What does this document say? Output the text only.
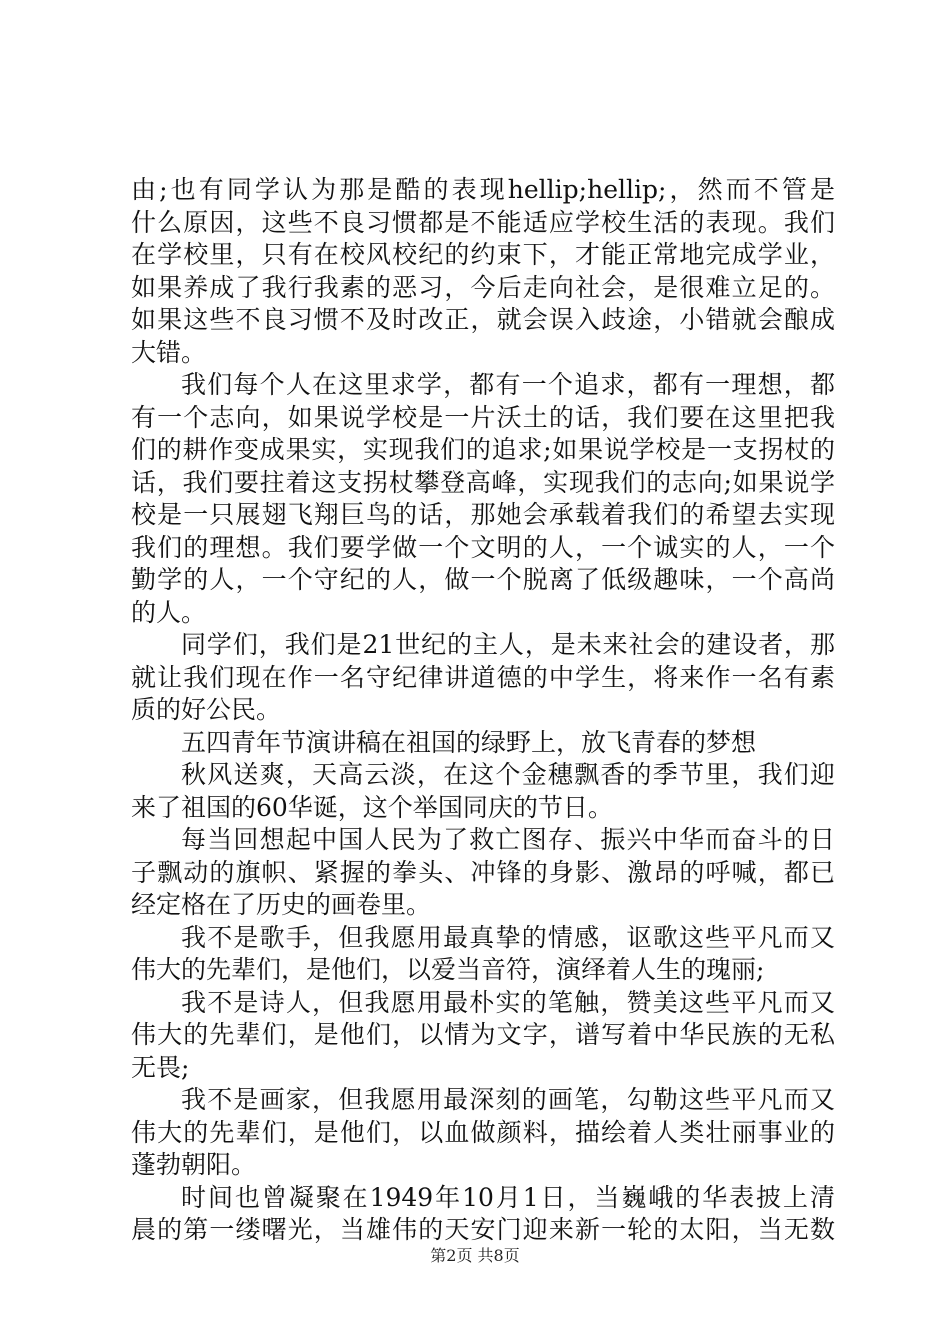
由;也有同学认为那是酷的表现hellip;hellip;，然而不管是
什么原因，这些不良习惯都是不能适应学校生活的表现。我们
在学校里，只有在校风校纪的约束下，才能正常地完成学业，
如果养成了我行我素的恶习，今后走向社会，是很难立足的。
如果这些不良习惯不及时改正，就会误入歧途，小错就会酿成
大错。
我们每个人在这里求学，都有一个追求，都有一理想，都
有一个志向，如果说学校是一片沃土的话，我们要在这里把我
们的耕作变成果实，实现我们的追求;如果说学校是一支拐杖的
话，我们要拄着这支拐杖攀登高峰，实现我们的志向;如果说学
校是一只展翅飞翔巨鸟的话，那她会承载着我们的希望去实现
我们的理想。我们要学做一个文明的人，一个诚实的人，一个
勤学的人，一个守纪的人，做一个脱离了低级趣味，一个高尚
的人。
同学们，我们是21世纪的主人，是未来社会的建设者，那
就让我们现在作一名守纪律讲道德的中学生，将来作一名有素
质的好公民。
五四青年节演讲稿在祖国的绿野上，放飞青春的梦想
秋风送爽，天高云淡，在这个金穗飘香的季节里，我们迎
来了祖国的60华诞，这个举国同庆的节日。
每当回想起中国人民为了救亡图存、振兴中华而奋斗的日
子飘动的旗帜、紧握的拳头、冲锋的身影、激昂的呼喊，都已
经定格在了历史的画卷里。
我不是歌手，但我愿用最真挚的情感，讴歌这些平凡而又
伟大的先辈们，是他们，以爱当音符，演绎着人生的瑰丽;
我不是诗人，但我愿用最朴实的笔触，赞美这些平凡而又
伟大的先辈们，是他们，以情为文字，谱写着中华民族的无私
无畏;
我不是画家，但我愿用最深刻的画笔，勾勒这些平凡而又
伟大的先辈们，是他们，以血做颜料，描绘着人类壮丽事业的
蓬勃朝阳。
时间也曾凝聚在1949年10月1日，当巍峨的华表披上清
晨的第一缕曙光，当雄伟的天安门迎来新一轮的太阳，当无数
第2页 共8页
